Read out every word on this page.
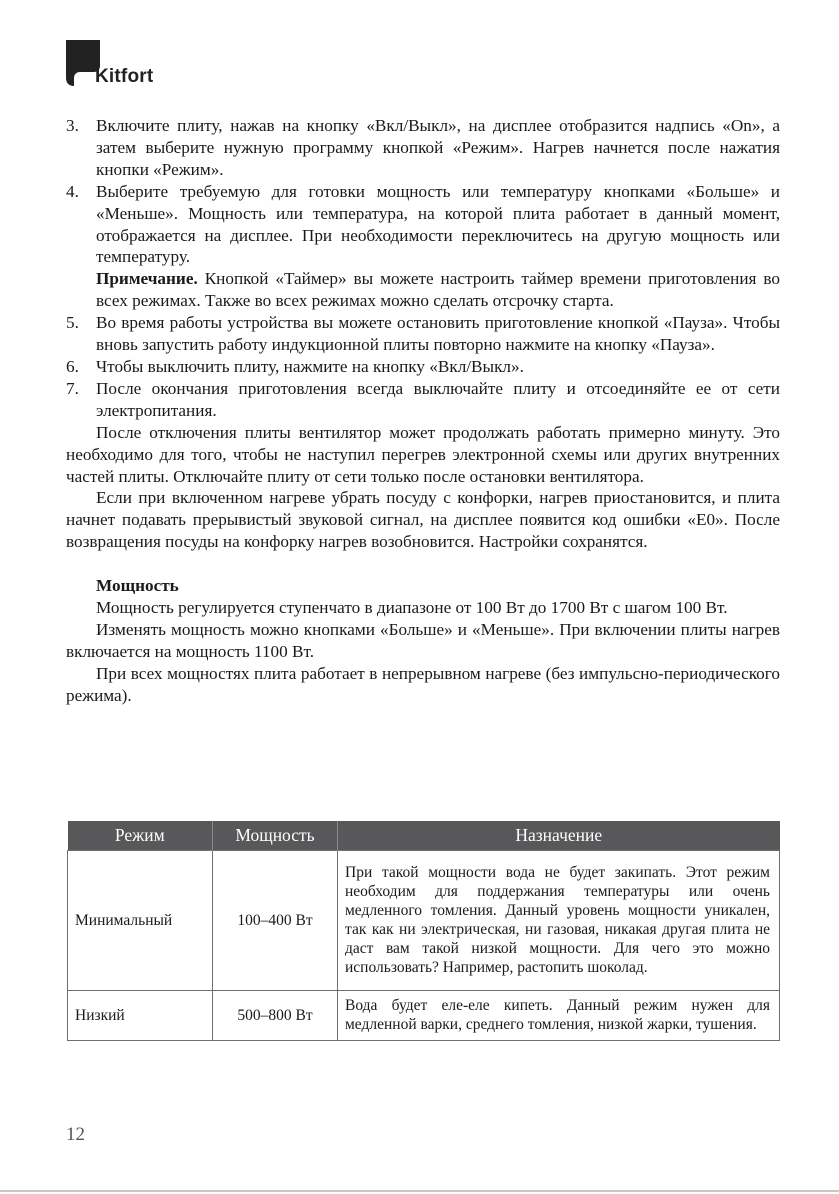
Kitfort
3. Включите плиту, нажав на кнопку «Вкл/Выкл», на дисплее отобразится надпись «On», а затем выберите нужную программу кнопкой «Режим». Нагрев начнется после нажатия кнопки «Режим».
4. Выберите требуемую для готовки мощность или температуру кнопками «Больше» и «Меньше». Мощность или температура, на которой плита работает в данный момент, отображается на дисплее. При необходимости переключитесь на другую мощность или температуру.

Примечание. Кнопкой «Таймер» вы можете настроить таймер времени приготовления во всех режимах. Также во всех режимах можно сделать отсрочку старта.

5. Во время работы устройства вы можете остановить приготовление кнопкой «Пауза». Чтобы вновь запустить работу индукционной плиты повторно нажмите на кнопку «Пауза».
6. Чтобы выключить плиту, нажмите на кнопку «Вкл/Выкл».
7. После окончания приготовления всегда выключайте плиту и отсоединяйте ее от сети электропитания.

После отключения плиты вентилятор может продолжать работать примерно минуту. Это необходимо для того, чтобы не наступил перегрев электронной схемы или других внутренних частей плиты. Отключайте плиту от сети только после остановки вентилятора.

Если при включенном нагреве убрать посуду с конфорки, нагрев приостановится, и плита начнет подавать прерывистый звуковой сигнал, на дисплее появится код ошибки «E0». После возвращения посуды на конфорку нагрев возобновится. Настройки сохранятся.

Мощность

Мощность регулируется ступенчато в диапазоне от 100 Вт до 1700 Вт с шагом 100 Вт.

Изменять мощность можно кнопками «Больше» и «Меньше». При включении плиты нагрев включается на мощность 1100 Вт.

При всех мощностях плита работает в непрерывном нагреве (без импульсно-периодического режима).

Режим	Мощность	Назначение
Минимальный	100–400 Вт	При такой мощности вода не будет закипать. Этот режим необходим для поддержания температуры или очень медленного томления. Данный уровень мощности уникален, так как ни электрическая, ни газовая, никакая другая плита не даст вам такой низкой мощности. Для чего это можно использовать? Например, растопить шоколад.
Низкий	500–800 Вт	Вода будет еле-еле кипеть. Данный режим нужен для медленной варки, среднего томления, низкой жарки, тушения.
12
